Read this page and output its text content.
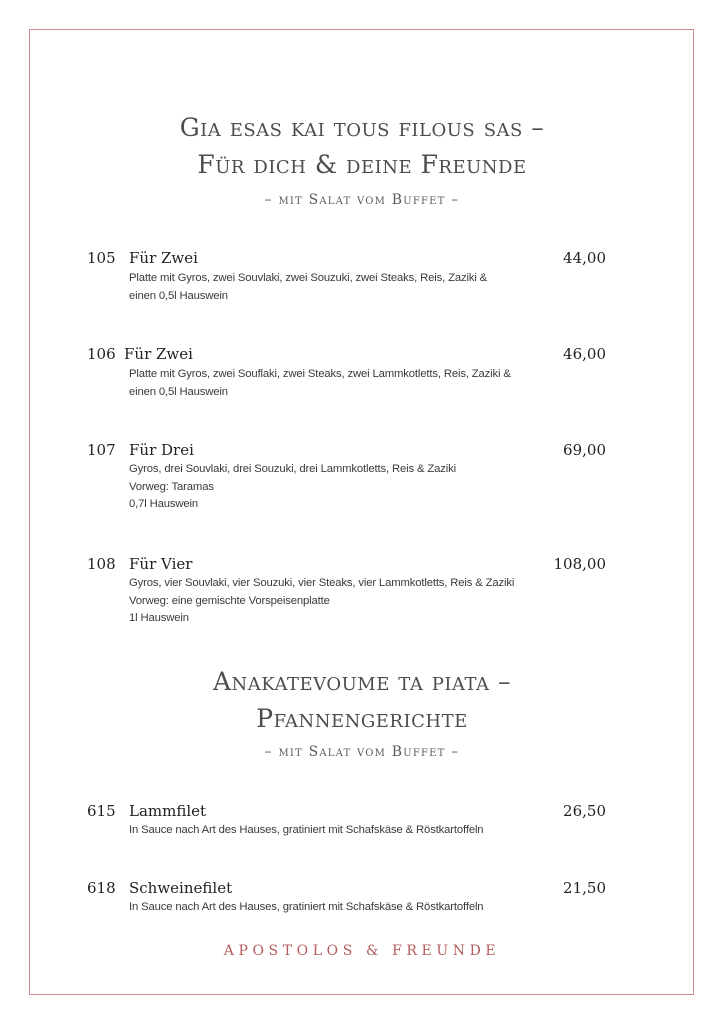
Gia esas kai tous filous sas –
Für dich & deine Freunde
– mit Salat vom Buffet –
105 Für Zwei	44,00
Platte mit Gyros, zwei Souvlaki, zwei Souzuki, zwei Steaks, Reis, Zaziki &
einen 0,5l Hauswein
106 Für Zwei	46,00
Platte mit Gyros, zwei Souflaki, zwei Steaks, zwei Lammkotletts, Reis, Zaziki &
einen 0,5l Hauswein
107 Für Drei	69,00
Gyros, drei Souvlaki, drei Souzuki, drei Lammkotletts, Reis & Zaziki
Vorweg: Taramas
0,7l Hauswein
108 Für Vier	108,00
Gyros, vier Souvlaki, vier Souzuki, vier Steaks, vier Lammkotletts, Reis & Zaziki
Vorweg: eine gemischte Vorspeisenplatte
1l Hauswein
Anakatevoume ta piata –
Pfannengerichte
– mit Salat vom Buffet –
615 Lammfilet	26,50
In Sauce nach Art des Hauses, gratiniert mit Schafskäse & Röstkartoffeln
618 Schweinefilet	21,50
In Sauce nach Art des Hauses, gratiniert mit Schafskäse & Röstkartoffeln
APOSTOLOS & FREUNDE
